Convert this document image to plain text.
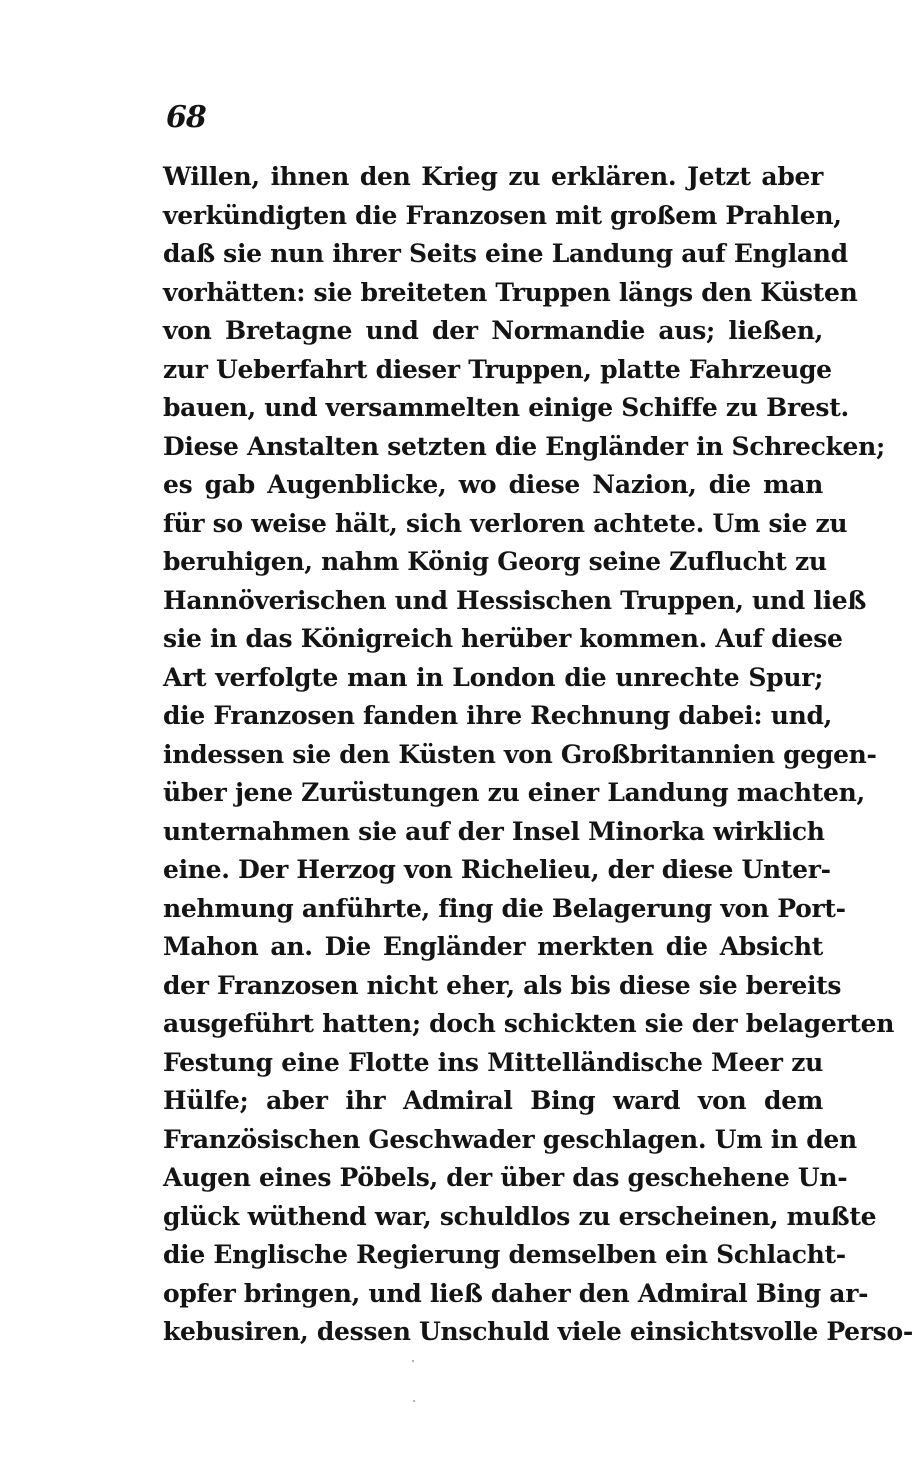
68
Willen, ihnen den Krieg zu erklären. Jetzt aber
verkündigten die Franzosen mit großem Prahlen,
daß sie nun ihrer Seits eine Landung auf England
vorhätten: sie breiteten Truppen längs den Küsten
von Bretagne und der Normandie aus; ließen,
zur Ueberfahrt dieser Truppen, platte Fahrzeuge
bauen, und versammelten einige Schiffe zu Brest.
Diese Anstalten setzten die Engländer in Schrecken;
es gab Augenblicke, wo diese Nazion, die man
für so weise hält, sich verloren achtete. Um sie zu
beruhigen, nahm König Georg seine Zuflucht zu
Hannöverischen und Hessischen Truppen, und ließ
sie in das Königreich herüber kommen. Auf diese
Art verfolgte man in London die unrechte Spur;
die Franzosen fanden ihre Rechnung dabei: und,
indessen sie den Küsten von Großbritannien gegen-
über jene Zurüstungen zu einer Landung machten,
unternahmen sie auf der Insel Minorka wirklich
eine. Der Herzog von Richelieu, der diese Unter-
nehmung anführte, fing die Belagerung von Port-
Mahon an. Die Engländer merkten die Absicht
der Franzosen nicht eher, als bis diese sie bereits
ausgeführt hatten; doch schickten sie der belagerten
Festung eine Flotte ins Mittelländische Meer zu
Hülfe; aber ihr Admiral Bing ward von dem
Französischen Geschwader geschlagen. Um in den
Augen eines Pöbels, der über das geschehene Un-
glück wüthend war, schuldlos zu erscheinen, mußte
die Englische Regierung demselben ein Schlacht-
opfer bringen, und ließ daher den Admiral Bing ar-
kebusiren, dessen Unschuld viele einsichtsvolle Perso-
